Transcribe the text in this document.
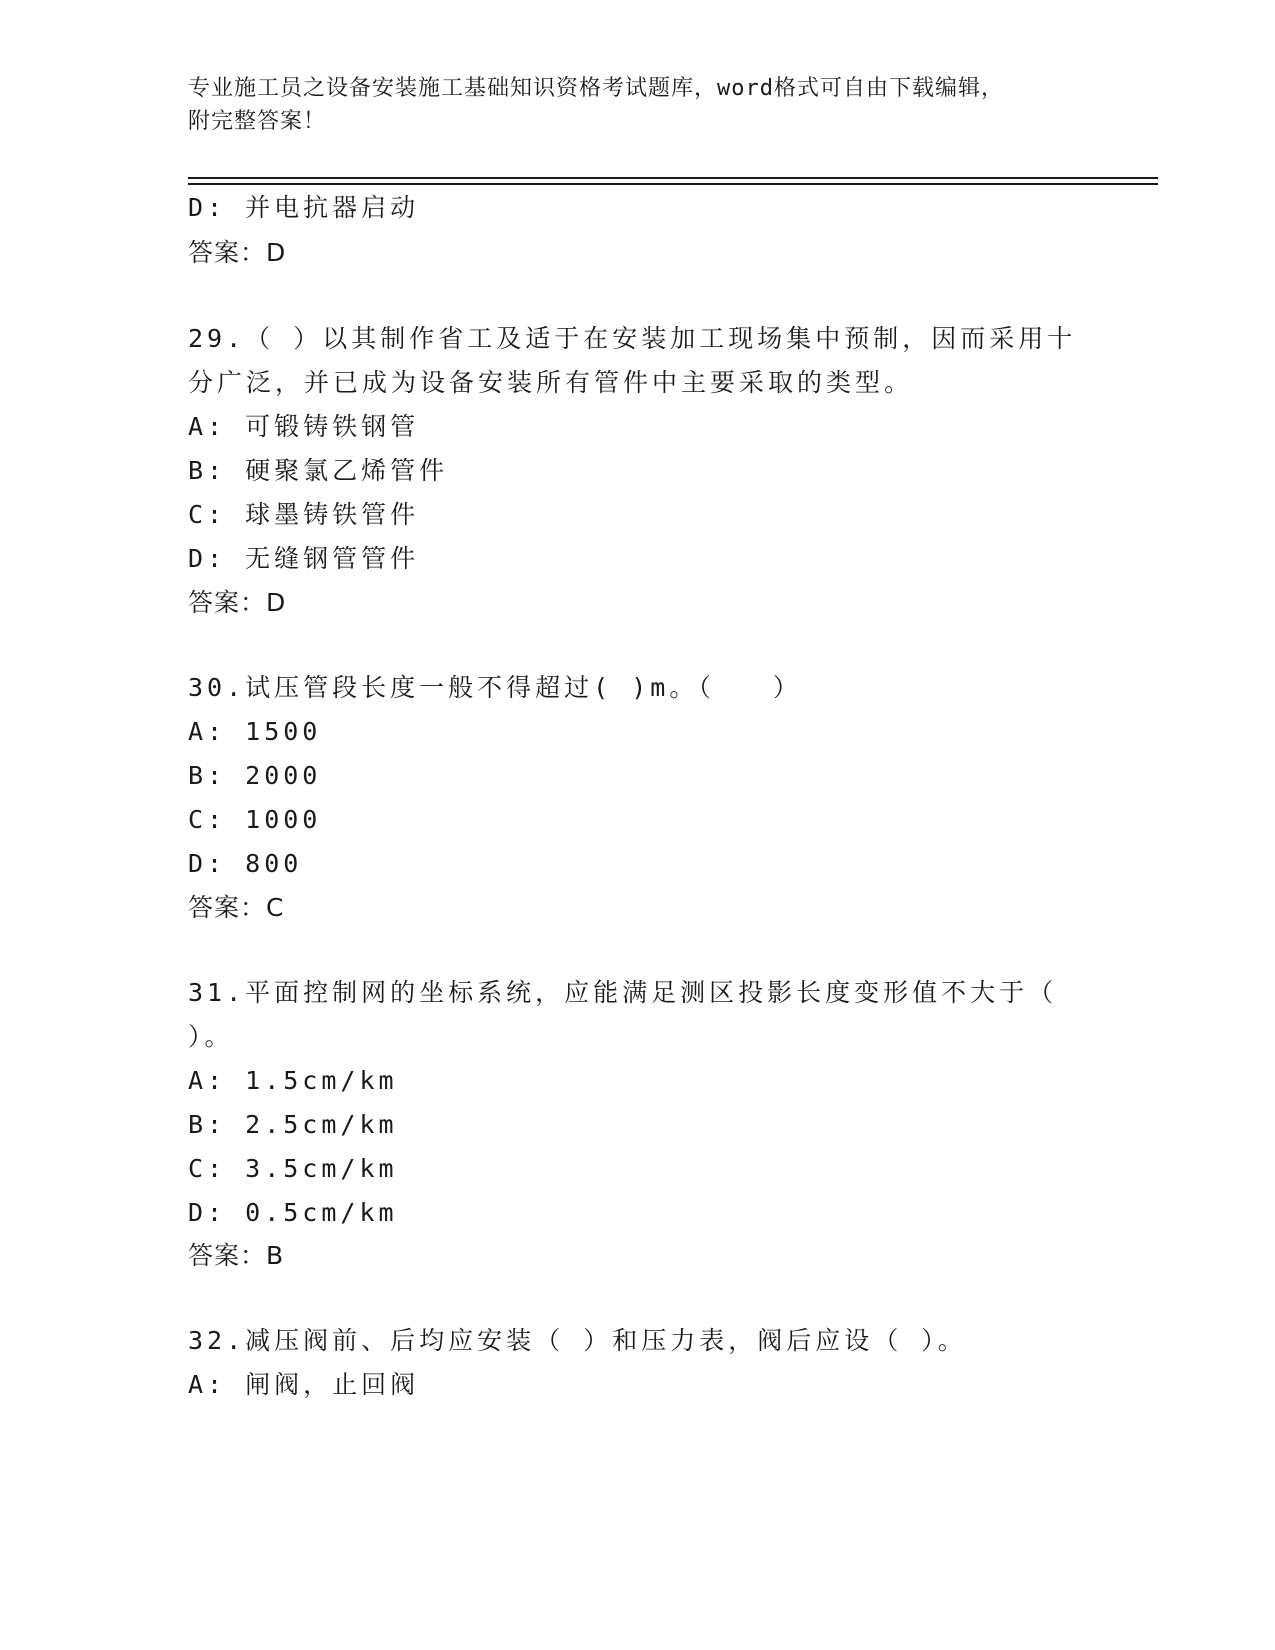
专业施工员之设备安装施工基础知识资格考试题库，word格式可自由下载编辑，
附完整答案！
D: 并电抗器启动
答案：D
29.（ ）以其制作省工及适于在安装加工现场集中预制，因而采用十
分广泛，并已成为设备安装所有管件中主要采取的类型。
A: 可锻铸铁钢管
B: 硬聚氯乙烯管件
C: 球墨铸铁管件
D: 无缝钢管管件
答案：D
30.试压管段长度一般不得超过( )m。（　　）
A: 1500
B: 2000
C: 1000
D: 800
答案：C
31.平面控制网的坐标系统，应能满足测区投影长度变形值不大于（
）。
A: 1.5cm/km
B: 2.5cm/km
C: 3.5cm/km
D: 0.5cm/km
答案：B
32.减压阀前、后均应安装（ ）和压力表，阀后应设（ ）。
A: 闸阀，止回阀
